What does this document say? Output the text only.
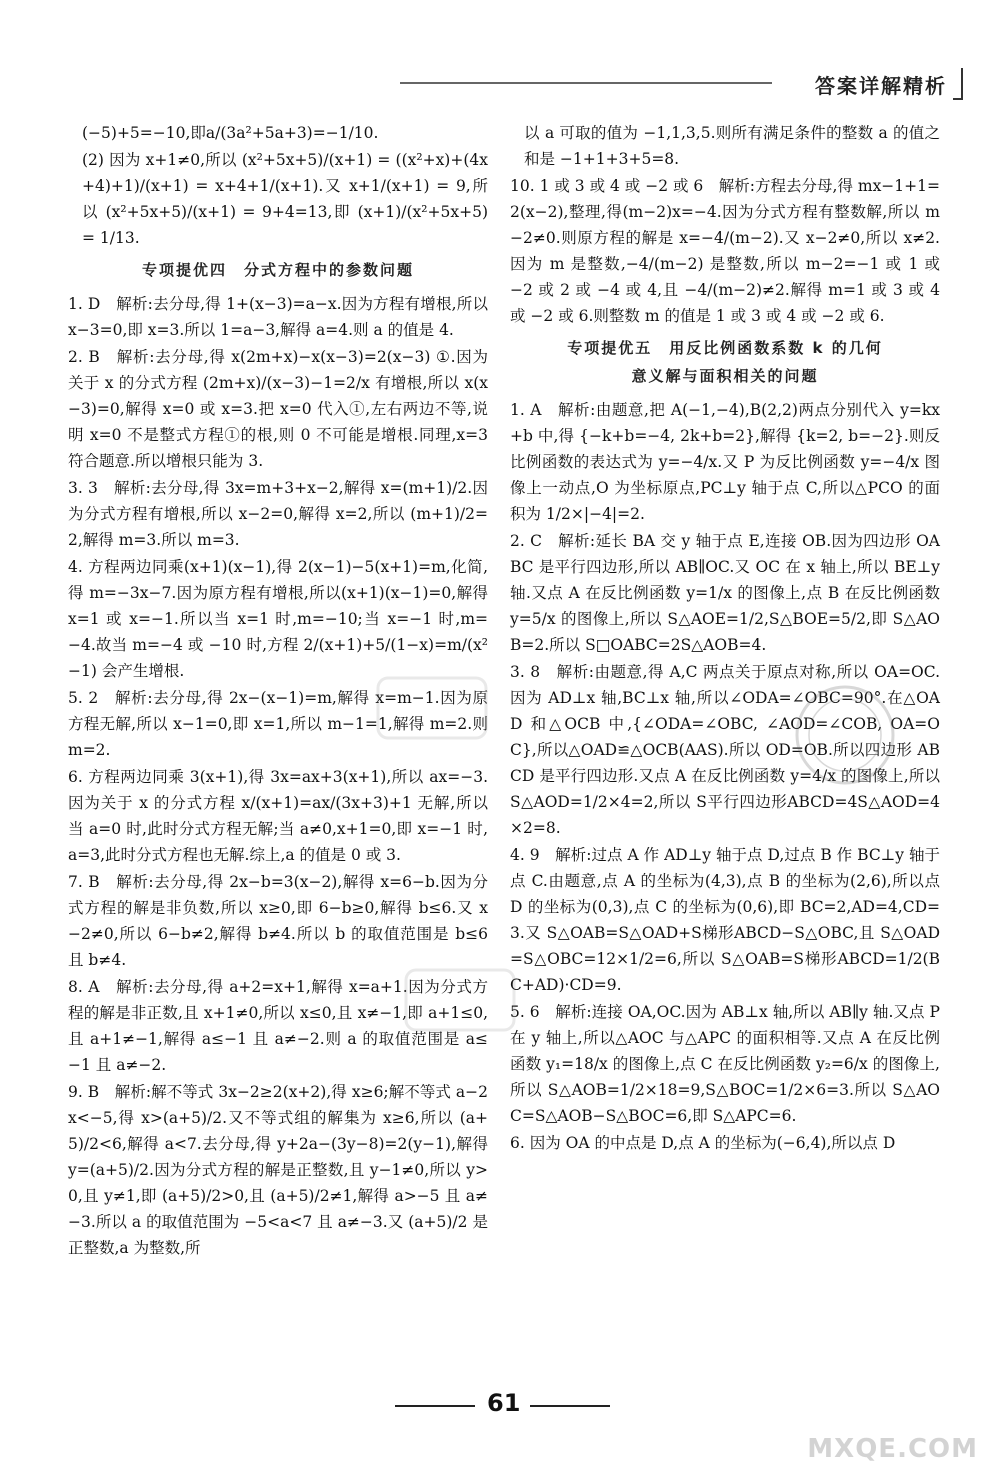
答案详解精析

(−5)+5=−10,即a/(3a²+5a+3)=−1/10.

(2) 因为 x+1≠0,所以 (x²+5x+5)/(x+1) = ((x²+x)+(4x+4)+1)/(x+1) = x+4+1/(x+1).又 x+1/(x+1) = 9,所以 (x²+5x+5)/(x+1) = 9+4=13,即 (x+1)/(x²+5x+5) = 1/13.

专项提优四　分式方程中的参数问题

1. D　解析:去分母,得 1+(x−3)=a−x.因为方程有增根,所以 x−3=0,即 x=3.所以 1=a−3,解得 a=4.则 a 的值是 4.

2. B　解析:去分母,得 x(2m+x)−x(x−3)=2(x−3) ①.因为关于 x 的分式方程 (2m+x)/(x−3)−1=2/x 有增根,所以 x(x−3)=0,解得 x=0 或 x=3.把 x=0 代入①,左右两边不等,说明 x=0 不是整式方程①的根,则 0 不可能是增根.同理,x=3 符合题意.所以增根只能为 3.

3. 3　解析:去分母,得 3x=m+3+x−2,解得 x=(m+1)/2.因为分式方程有增根,所以 x−2=0,解得 x=2,所以 (m+1)/2=2,解得 m=3.所以 m=3.

4. 方程两边同乘(x+1)(x−1),得 2(x−1)−5(x+1)=m,化简,得 m=−3x−7.因为原方程有增根,所以(x+1)(x−1)=0,解得 x=1 或 x=−1.所以当 x=1 时,m=−10;当 x=−1 时,m=−4.故当 m=−4 或 −10 时,方程 2/(x+1)+5/(1−x)=m/(x²−1) 会产生增根.

5. 2　解析:去分母,得 2x−(x−1)=m,解得 x=m−1.因为原方程无解,所以 x−1=0,即 x=1,所以 m−1=1,解得 m=2.则 m=2.

6. 方程两边同乘 3(x+1),得 3x=ax+3(x+1),所以 ax=−3.因为关于 x 的分式方程 x/(x+1)=ax/(3x+3)+1 无解,所以当 a=0 时,此时分式方程无解;当 a≠0,x+1=0,即 x=−1 时,a=3,此时分式方程也无解.综上,a 的值是 0 或 3.

7. B　解析:去分母,得 2x−b=3(x−2),解得 x=6−b.因为分式方程的解是非负数,所以 x≥0,即 6−b≥0,解得 b≤6.又 x−2≠0,所以 6−b≠2,解得 b≠4.所以 b 的取值范围是 b≤6 且 b≠4.

8. A　解析:去分母,得 a+2=x+1,解得 x=a+1.因为分式方程的解是非正数,且 x+1≠0,所以 x≤0,且 x≠−1,即 a+1≤0,且 a+1≠−1,解得 a≤−1 且 a≠−2.则 a 的取值范围是 a≤−1 且 a≠−2.

9. B　解析:解不等式 3x−2≥2(x+2),得 x≥6;解不等式 a−2x<−5,得 x>(a+5)/2.又不等式组的解集为 x≥6,所以 (a+5)/2<6,解得 a<7.去分母,得 y+2a−(3y−8)=2(y−1),解得 y=(a+5)/2.因为分式方程的解是正整数,且 y−1≠0,所以 y>0,且 y≠1,即 (a+5)/2>0,且 (a+5)/2≠1,解得 a>−5 且 a≠−3.所以 a 的取值范围为 −5<a<7 且 a≠−3.又 (a+5)/2 是正整数,a 为整数,所

以 a 可取的值为 −1,1,3,5.则所有满足条件的整数 a 的值之和是 −1+1+3+5=8.

10. 1 或 3 或 4 或 −2 或 6　解析:方程去分母,得 mx−1+1=2(x−2),整理,得(m−2)x=−4.因为分式方程有整数解,所以 m−2≠0.则原方程的解是 x=−4/(m−2).又 x−2≠0,所以 x≠2.因为 m 是整数,−4/(m−2) 是整数,所以 m−2=−1 或 1 或 −2 或 2 或 −4 或 4,且 −4/(m−2)≠2.解得 m=1 或 3 或 4 或 −2 或 6.则整数 m 的值是 1 或 3 或 4 或 −2 或 6.

专项提优五　用反比例函数系数 k 的几何
意义解与面积相关的问题

1. A　解析:由题意,把 A(−1,−4),B(2,2)两点分别代入 y=kx+b 中,得 {−k+b=−4, 2k+b=2},解得 {k=2, b=−2}.则反比例函数的表达式为 y=−4/x.又 P 为反比例函数 y=−4/x 图像上一动点,O 为坐标原点,PC⊥y 轴于点 C,所以△PCO 的面积为 1/2×|−4|=2.

2. C　解析:延长 BA 交 y 轴于点 E,连接 OB.因为四边形 OABC 是平行四边形,所以 AB∥OC.又 OC 在 x 轴上,所以 BE⊥y 轴.又点 A 在反比例函数 y=1/x 的图像上,点 B 在反比例函数 y=5/x 的图像上,所以 S△AOE=1/2,S△BOE=5/2,即 S△AOB=2.所以 S□OABC=2S△AOB=4.

3. 8　解析:由题意,得 A,C 两点关于原点对称,所以 OA=OC.因为 AD⊥x 轴,BC⊥x 轴,所以∠ODA=∠OBC=90°.在△OAD 和△OCB 中,{∠ODA=∠OBC, ∠AOD=∠COB, OA=OC},所以△OAD≌△OCB(AAS).所以 OD=OB.所以四边形 ABCD 是平行四边形.又点 A 在反比例函数 y=4/x 的图像上,所以 S△AOD=1/2×4=2,所以 S平行四边形ABCD=4S△AOD=4×2=8.

4. 9　解析:过点 A 作 AD⊥y 轴于点 D,过点 B 作 BC⊥y 轴于点 C.由题意,点 A 的坐标为(4,3),点 B 的坐标为(2,6),所以点 D 的坐标为(0,3),点 C 的坐标为(0,6),即 BC=2,AD=4,CD=3.又 S△OAB=S△OAD+S梯形ABCD−S△OBC,且 S△OAD=S△OBC=12×1/2=6,所以 S△OAB=S梯形ABCD=1/2(BC+AD)·CD=9.

5. 6　解析:连接 OA,OC.因为 AB⊥x 轴,所以 AB∥y 轴.又点 P 在 y 轴上,所以△AOC 与△APC 的面积相等.又点 A 在反比例函数 y₁=18/x 的图像上,点 C 在反比例函数 y₂=6/x 的图像上,所以 S△AOB=1/2×18=9,S△BOC=1/2×6=3.所以 S△AOC=S△AOB−S△BOC=6,即 S△APC=6.

6. 因为 OA 的中点是 D,点 A 的坐标为(−6,4),所以点 D

61
MXQE.COM
